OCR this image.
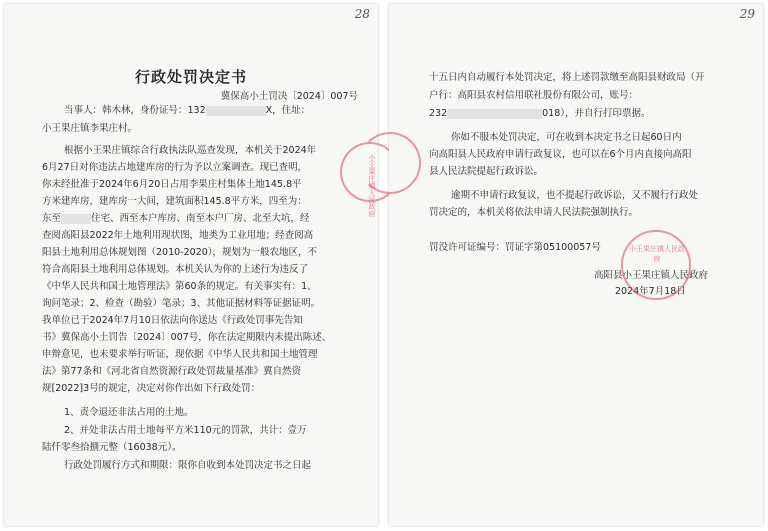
28
行政处罚决定书
冀保高小土罚决〔2024〕007号
当事人：韩木林，身份证号：132	X，住址：
小王果庄镇李果庄村。
根据小王果庄镇综合行政执法队巡查发现，本机关于2024年
6月27日对你违法占地建库房的行为予以立案调查。现已查明，
你未经批准于2024年6月20日占用李果庄村集体土地145.8平
方米建库房，建库房一大间，建筑面积145.8平方米，四至为：
东至	住宅、西至本户库房、南至本户厂房、北至大坑，经
查阅高阳县2022年土地利用现状图，地类为工业用地；经查阅高
阳县土地利用总体规划图（2010-2020），规划为一般农地区，不
符合高阳县土地利用总体规划。本机关认为你的上述行为违反了
《中华人民共和国土地管理法》第60条的规定。有关事实有：1、
询问笔录；2、检查（勘验）笔录；3、其他证据材料等证据证明。
我单位已于2024年7月10日依法向你送达《行政处罚事先告知
书》冀保高小土罚告〔2024〕007号，你在法定期限内未提出陈述、
申辩意见，也未要求举行听证，现依据《中华人民共和国土地管理
法》第77条和《河北省自然资源行政处罚裁量基准》冀自然资
规[2022]3号的规定，决定对你作出如下行政处罚：
1、责令退还非法占用的土地。
2、并处非法占用土地每平方米110元的罚款，共计：壹万
陆仟零叁拾捌元整（16038元）。
行政处罚履行方式和期限：限你自收到本处罚决定书之日起
小王果庄镇人民政府
29
十五日内自动履行本处罚决定，将上述罚款缴至高阳县财政局（开
户行：高阳县农村信用联社股份有限公司，账号：
232	018），并自行打印票据。
你如不服本处罚决定，可在收到本决定书之日起60日内
向高阳县人民政府申请行政复议，也可以在6个月内直接向高阳
县人民法院提起行政诉讼。
逾期不申请行政复议，也不提起行政诉讼，又不履行行政处
罚决定的，本机关将依法申请人民法院强制执行。
罚没许可证编号：罚证字第05100057号
高阳县小王果庄镇人民政府
2024年7月18日
小王果庄镇人民政府
